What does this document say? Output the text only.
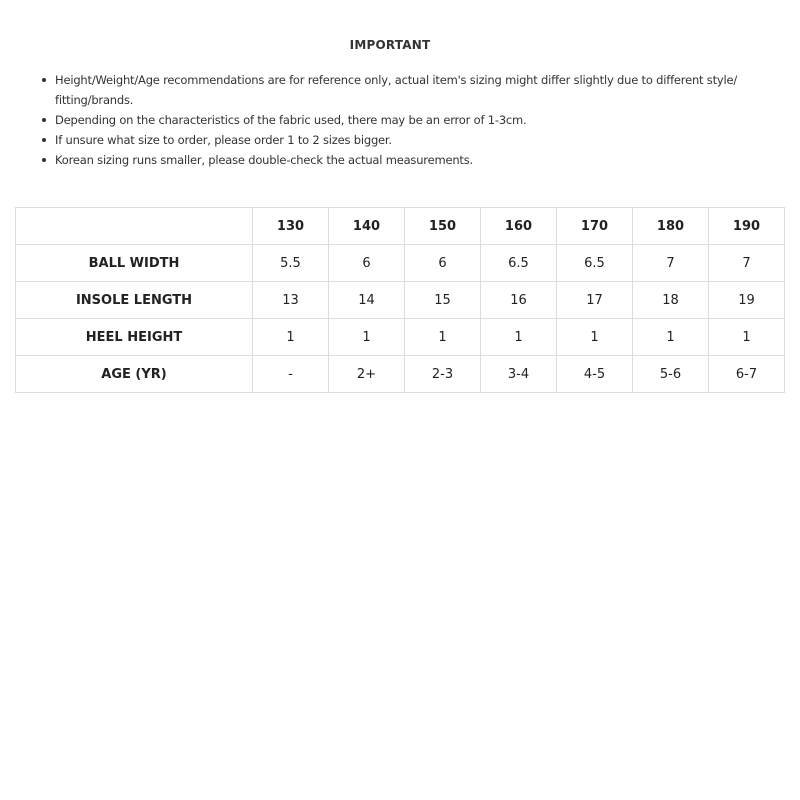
IMPORTANT
Height/Weight/Age recommendations are for reference only, actual item's sizing might differ slightly due to different style/ fitting/brands.
Depending on the characteristics of the fabric used, there may be an error of 1-3cm.
If unsure what size to order, please order 1 to 2 sizes bigger.
Korean sizing runs smaller, please double-check the actual measurements.
	130	140	150	160	170	180	190
BALL WIDTH	5.5	6	6	6.5	6.5	7	7
INSOLE LENGTH	13	14	15	16	17	18	19
HEEL HEIGHT	1	1	1	1	1	1	1
AGE (YR)	-	2+	2-3	3-4	4-5	5-6	6-7
